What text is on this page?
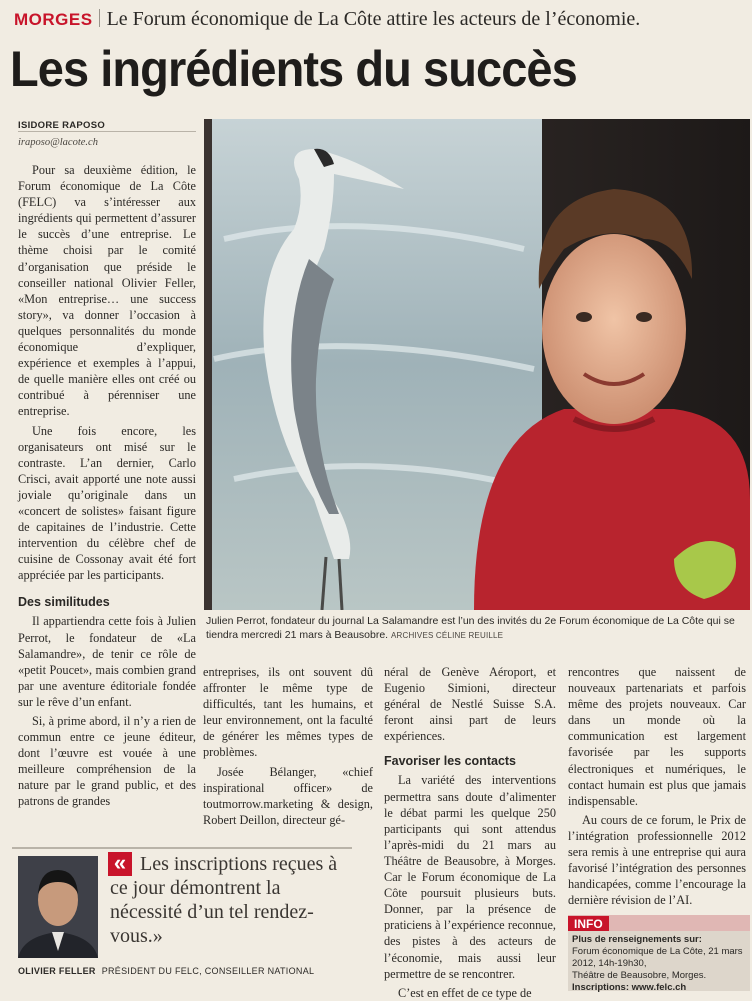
MORGES Le Forum économique de La Côte attire les acteurs de l’économie.
Les ingrédients du succès
ISIDORE RAPOSO
iraposo@lacote.ch

Pour sa deuxième édition, le Forum économique de La Côte (FELC) va s’intéresser aux ingrédients qui permettent d’assurer le succès d’une entreprise. Le thème choisi par le comité d’organisation que préside le conseiller national Olivier Feller, «Mon entreprise… une success story», va donner l’occasion à quelques personnalités du monde économique d’expliquer, expérience et exemples à l’appui, de quelle manière elles ont créé ou contribué à pérenniser une entreprise.

Une fois encore, les organisateurs ont misé sur le contraste. L’an dernier, Carlo Crisci, avait apporté une note aussi joviale qu’originale dans un «concert de solistes» faisant figure de capitaines de l’industrie. Cette intervention du célèbre chef de cuisine de Cossonay avait été fort appréciée par les participants.

Des similitudes

Il appartiendra cette fois à Julien Perrot, le fondateur de «La Salamandre», de tenir ce rôle de «petit Poucet», mais combien grand par une aventure éditoriale fondée sur le rêve d’un enfant.

Si, à prime abord, il n’y a rien de commun entre ce jeune éditeur, dont l’œuvre est vouée à une meilleure compréhension de la nature par le grand public, et des patrons de grandes

Julien Perrot, fondateur du journal La Salamandre est l’un des invités du 2e Forum économique de La Côte qui se tiendra mercredi 21 mars à Beausobre. ARCHIVES CÉLINE REUILLE

entreprises, ils ont souvent dû affronter le même type de difficultés, tant les humains, et leur environnement, ont la faculté de générer les mêmes types de problèmes.

Josée Bélanger, «chief inspirational officer» de toutmorrow.marketing & design, Robert Deillon, directeur gé-

néral de Genève Aéroport, et Eugenio Simioni, directeur général de Nestlé Suisse S.A. feront ainsi part de leurs expériences.

Favoriser les contacts

La variété des interventions permettra sans doute d’alimenter le débat parmi les quelque 250 participants qui sont attendus l’après-midi du 21 mars au Théâtre de Beausobre, à Morges. Car le Forum économique de La Côte poursuit plusieurs buts. Donner, par la présence de praticiens à l’expérience reconnue, des pistes à des acteurs de l’économie, mais aussi leur permettre de se rencontrer.

C’est en effet de ce type de

rencontres que naissent de nouveaux partenariats et parfois même des projets nouveaux. Car dans un monde où la communication est largement favorisée par les supports électroniques et numériques, le contact humain est plus que jamais indispensable.

Au cours de ce forum, le Prix de l’intégration professionnelle 2012 sera remis à une entreprise qui aura favorisé l’intégration des personnes handicapées, comme l’encourage la dernière révision de l’AI.

Les inscriptions reçues à ce jour démontrent la nécessité d’un tel rendez-vous.»
«
OLIVIER FELLER PRÉSIDENT DU FELC, CONSEILLER NATIONAL
INFO
Plus de renseignements sur:
Forum économique de La Côte, 21 mars 2012, 14h-19h30,
Théâtre de Beausobre, Morges.
Inscriptions: www.felc.ch
